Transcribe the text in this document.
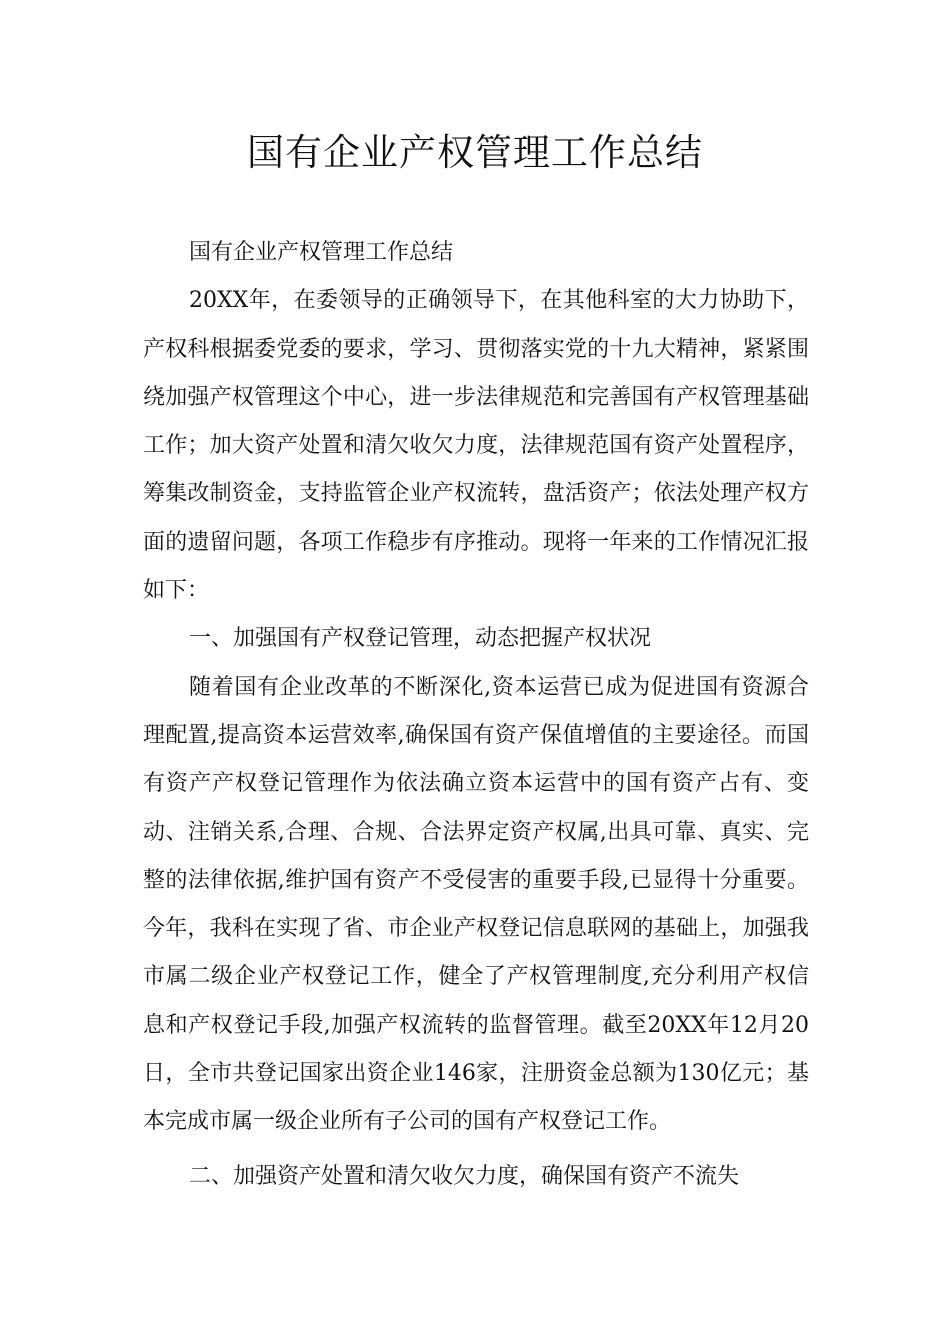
国有企业产权管理工作总结

国有企业产权管理工作总结

20XX年，在委领导的正确领导下，在其他科室的大力协助下，产权科根据委党委的要求，学习、贯彻落实党的十九大精神，紧紧围绕加强产权管理这个中心，进一步法律规范和完善国有产权管理基础工作；加大资产处置和清欠收欠力度，法律规范国有资产处置程序，筹集改制资金，支持监管企业产权流转，盘活资产；依法处理产权方面的遗留问题，各项工作稳步有序推动。现将一年来的工作情况汇报如下：

一、加强国有产权登记管理，动态把握产权状况

随着国有企业改革的不断深化,资本运营已成为促进国有资源合理配置,提高资本运营效率,确保国有资产保值增值的主要途径。而国有资产产权登记管理作为依法确立资本运营中的国有资产占有、变动、注销关系,合理、合规、合法界定资产权属,出具可靠、真实、完整的法律依据,维护国有资产不受侵害的重要手段,已显得十分重要。今年，我科在实现了省、市企业产权登记信息联网的基础上，加强我市属二级企业产权登记工作，健全了产权管理制度,充分利用产权信息和产权登记手段,加强产权流转的监督管理。截至20XX年12月20日，全市共登记国家出资企业146家，注册资金总额为130亿元；基本完成市属一级企业所有子公司的国有产权登记工作。

二、加强资产处置和清欠收欠力度，确保国有资产不流失
